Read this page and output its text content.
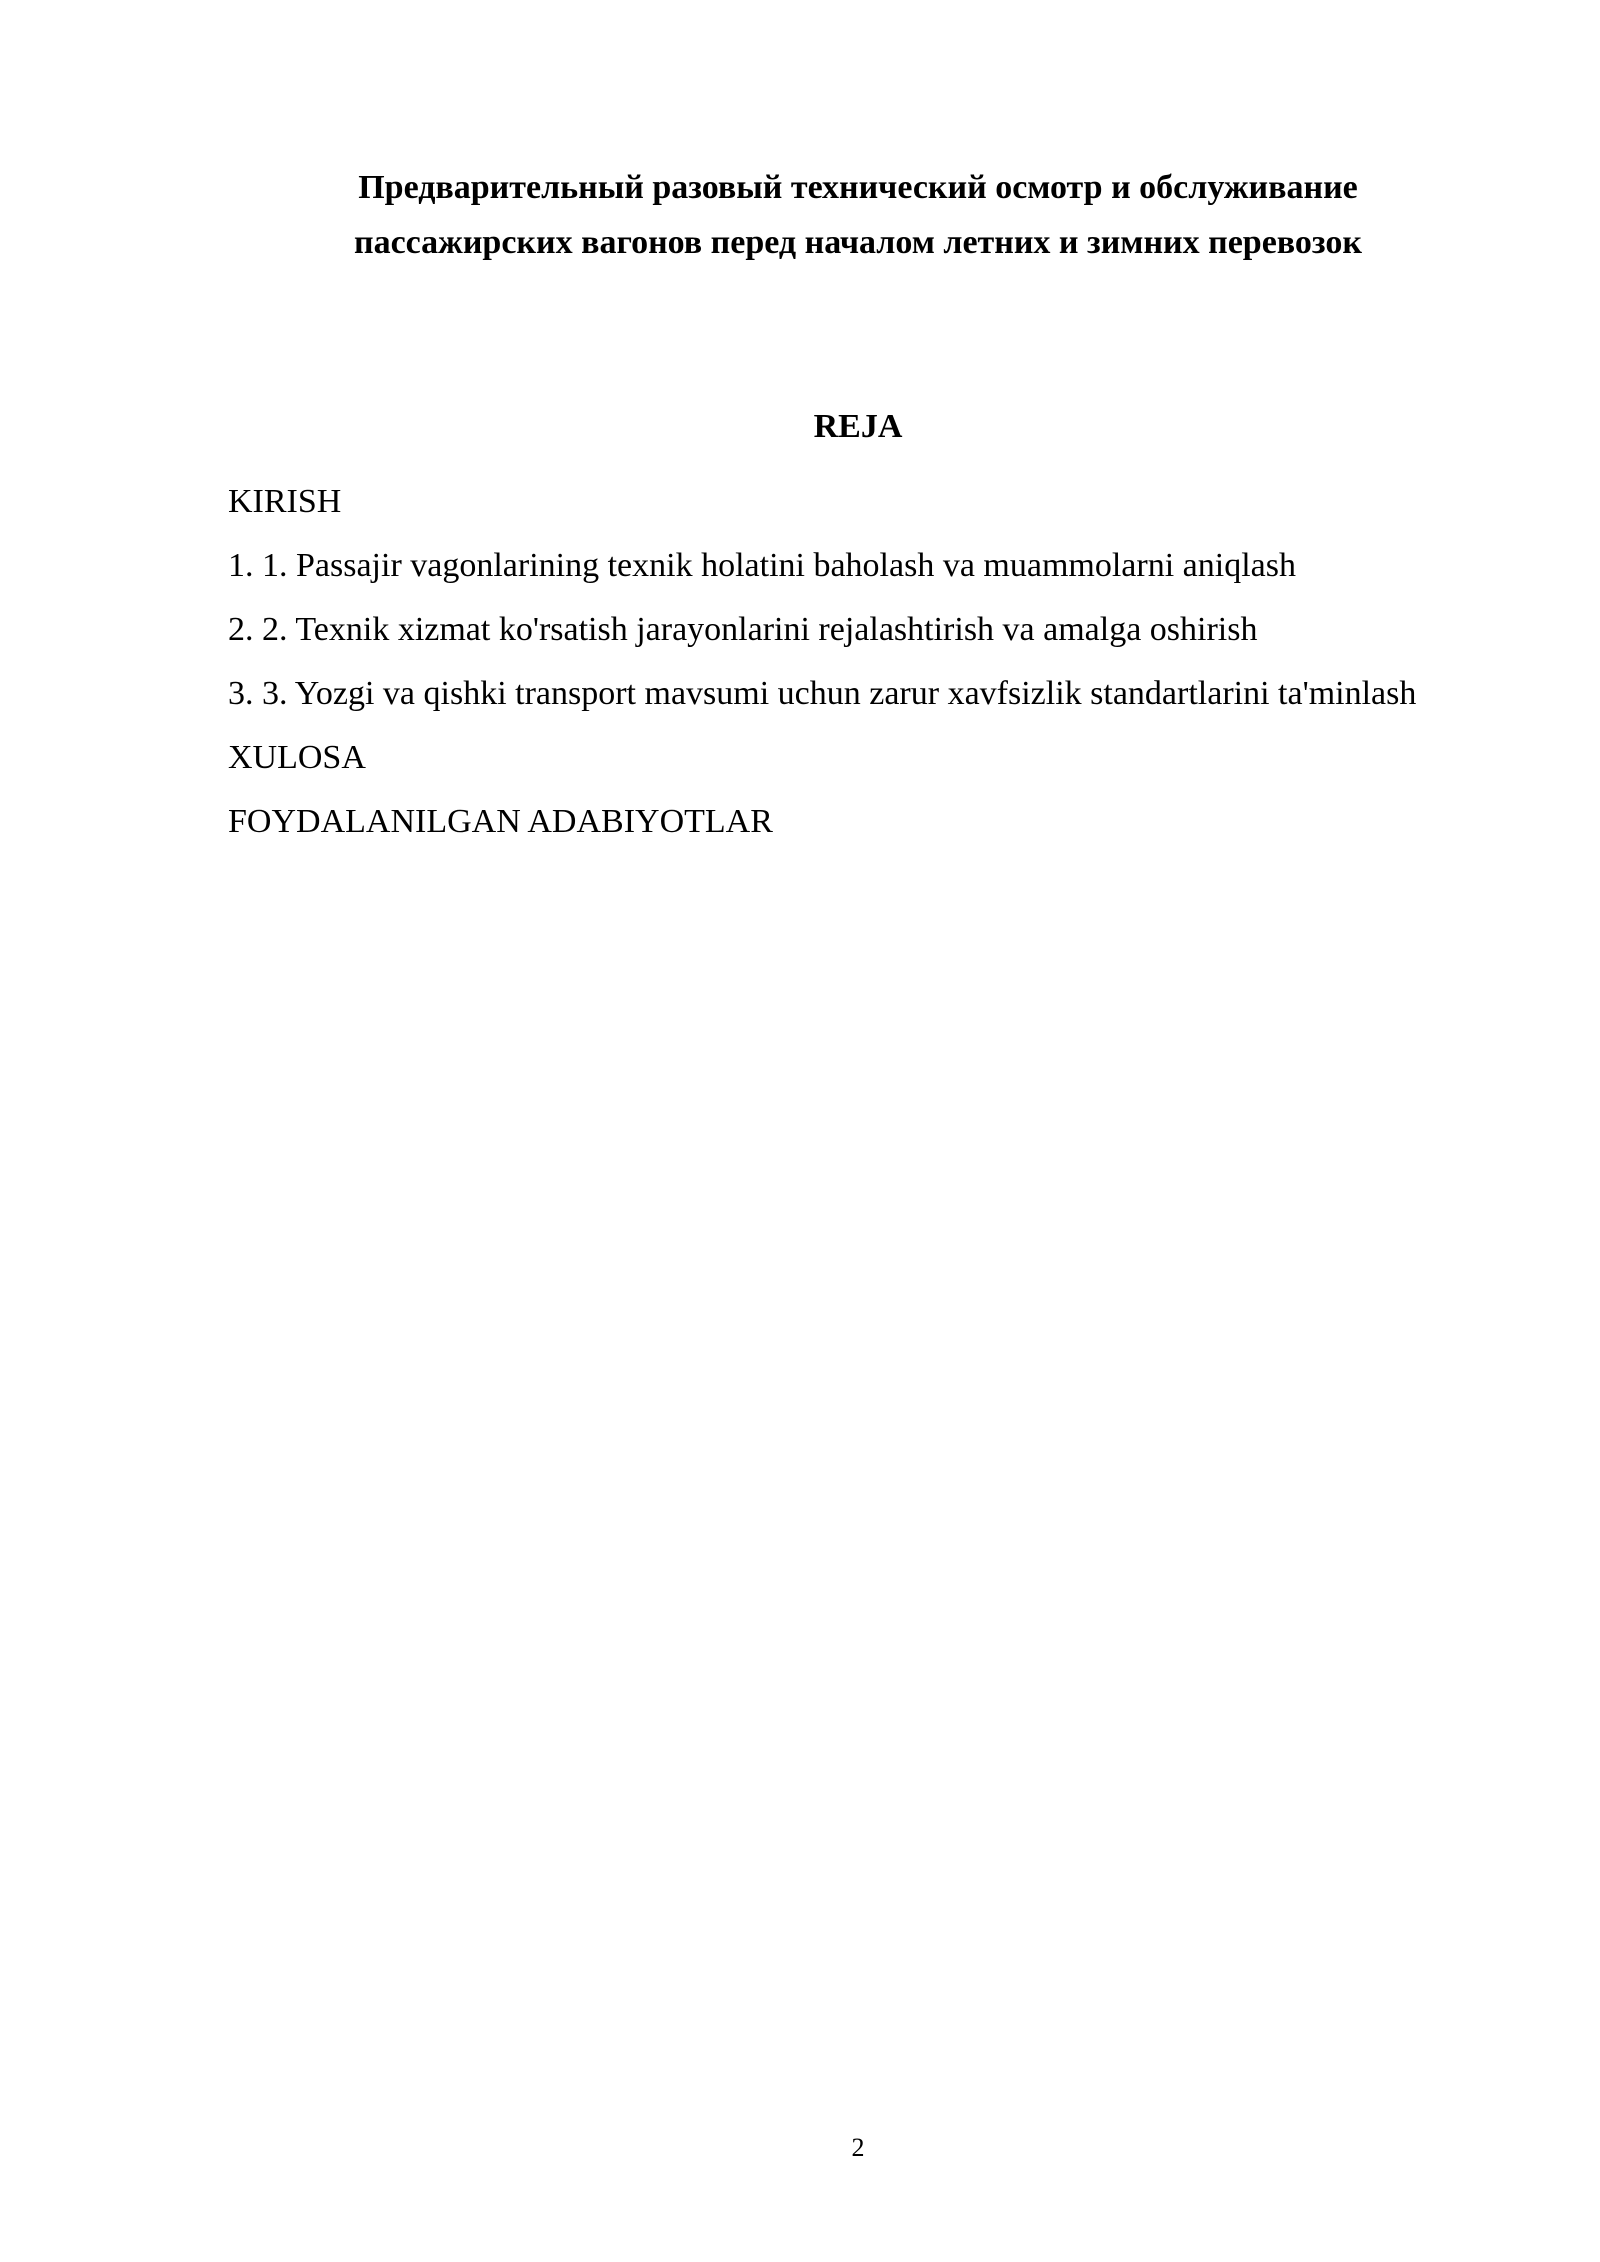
Предварительный разовый технический осмотр и обслуживание
пассажирских вагонов перед началом летних и зимних перевозок
REJA
KIRISH
1. 1. Passajir vagonlarining texnik holatini baholash va muammolarni aniqlash
2. 2. Texnik xizmat ko'rsatish jarayonlarini rejalashtirish va amalga oshirish
3. 3. Yozgi va qishki transport mavsumi uchun zarur xavfsizlik standartlarini ta'minlash
XULOSA
FOYDALANILGAN ADABIYOTLAR
2
